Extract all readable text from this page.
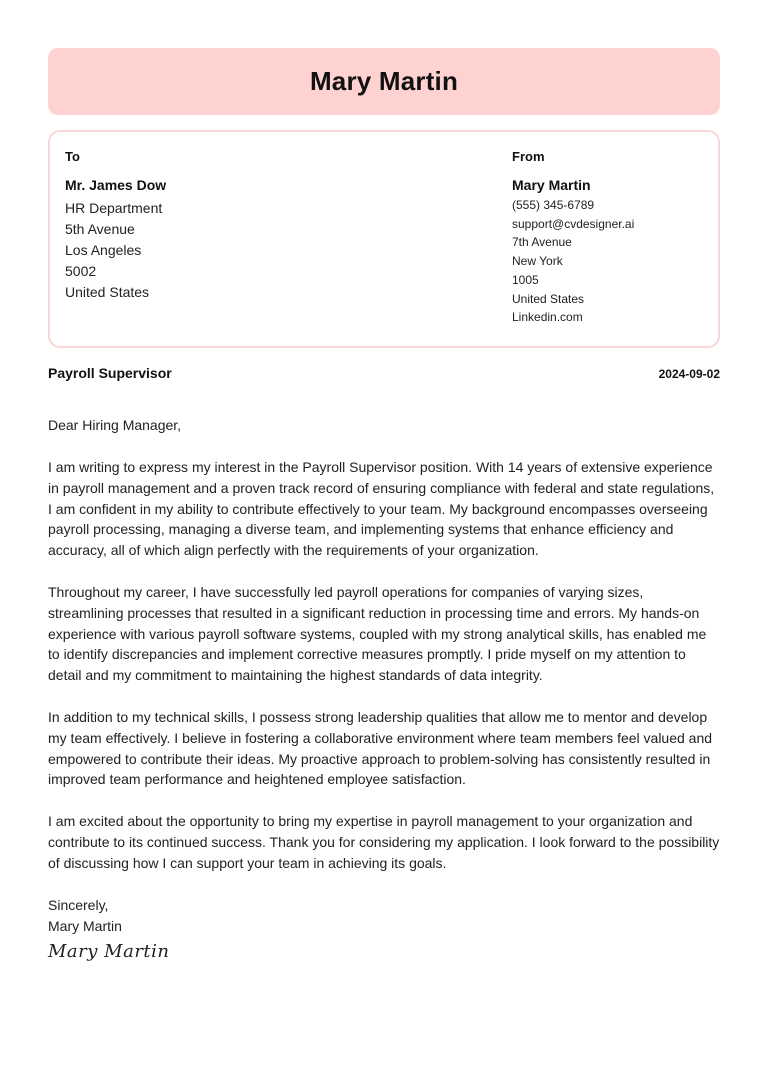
Mary Martin
To
Mr. James Dow
HR Department
5th Avenue
Los Angeles
5002
United States
From
Mary Martin
(555) 345-6789
support@cvdesigner.ai
7th Avenue
New York
1005
United States
Linkedin.com
Payroll Supervisor	2024-09-02
Dear Hiring Manager,
I am writing to express my interest in the Payroll Supervisor position. With 14 years of extensive experience in payroll management and a proven track record of ensuring compliance with federal and state regulations, I am confident in my ability to contribute effectively to your team. My background encompasses overseeing payroll processing, managing a diverse team, and implementing systems that enhance efficiency and accuracy, all of which align perfectly with the requirements of your organization.
Throughout my career, I have successfully led payroll operations for companies of varying sizes, streamlining processes that resulted in a significant reduction in processing time and errors. My hands-on experience with various payroll software systems, coupled with my strong analytical skills, has enabled me to identify discrepancies and implement corrective measures promptly. I pride myself on my attention to detail and my commitment to maintaining the highest standards of data integrity.
In addition to my technical skills, I possess strong leadership qualities that allow me to mentor and develop my team effectively. I believe in fostering a collaborative environment where team members feel valued and empowered to contribute their ideas. My proactive approach to problem-solving has consistently resulted in improved team performance and heightened employee satisfaction.
I am excited about the opportunity to bring my expertise in payroll management to your organization and contribute to its continued success. Thank you for considering my application. I look forward to the possibility of discussing how I can support your team in achieving its goals.
Sincerely,
Mary Martin
Mary Martin
